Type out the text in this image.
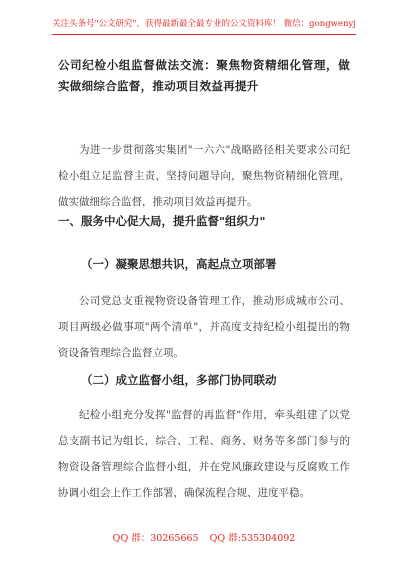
关注头条号"公文研究"，获得最新最全最专业的公文资料库！ 微信：gongwenyj
公司纪检小组监督做法交流：聚焦物资精细化管理，做实做细综合监督，推动项目效益再提升
为进一步贯彻落实集团"一六六"战略路径相关要求公司纪检小组立足监督主责，坚持问题导向，聚焦物资精细化管理，做实做细综合监督，推动项目效益再提升。
一、服务中心促大局，提升监督"组织力"
（一）凝聚思想共识，高起点立项部署
公司党总支重视物资设备管理工作，推动形成城市公司、项目两级必做事项"两个清单"，并高度支持纪检小组提出的物资设备管理综合监督立项。
（二）成立监督小组，多部门协同联动
纪检小组充分发挥"监督的再监督"作用，牵头组建了以党总支副书记为组长，综合、工程、商务、财务等多部门参与的物资设备管理综合监督小组，并在党风廉政建设与反腐败工作协调小组会上作工作部署，确保流程合规、进度平稳。
QQ 群：30265665 QQ 群:535304092
